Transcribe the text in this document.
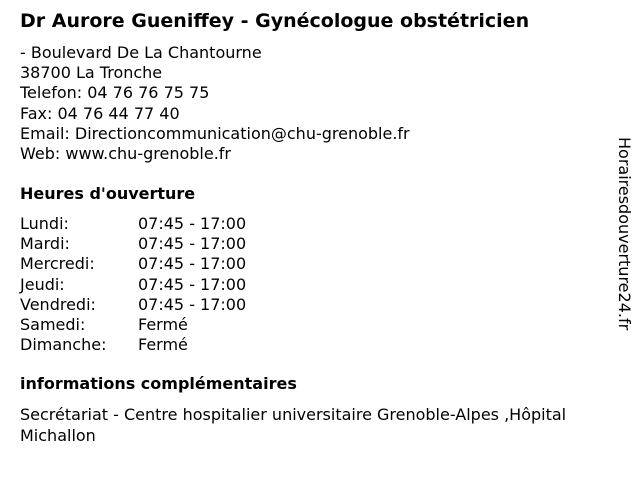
Dr Aurore Gueniffey - Gynécologue obstétricien
- Boulevard De La Chantourne
38700 La Tronche
Telefon: 04 76 76 75 75
Fax: 04 76 44 77 40
Email: Directioncommunication@chu-grenoble.fr
Web: www.chu-grenoble.fr
Heures d'ouverture
Lundi:	07:45 - 17:00
Mardi:	07:45 - 17:00
Mercredi:	07:45 - 17:00
Jeudi:	07:45 - 17:00
Vendredi:	07:45 - 17:00
Samedi:	Fermé
Dimanche: Fermé
informations complémentaires
Secrétariat - Centre hospitalier universitaire Grenoble-Alpes ,Hôpital Michallon
Horairesdouverture24.fr
